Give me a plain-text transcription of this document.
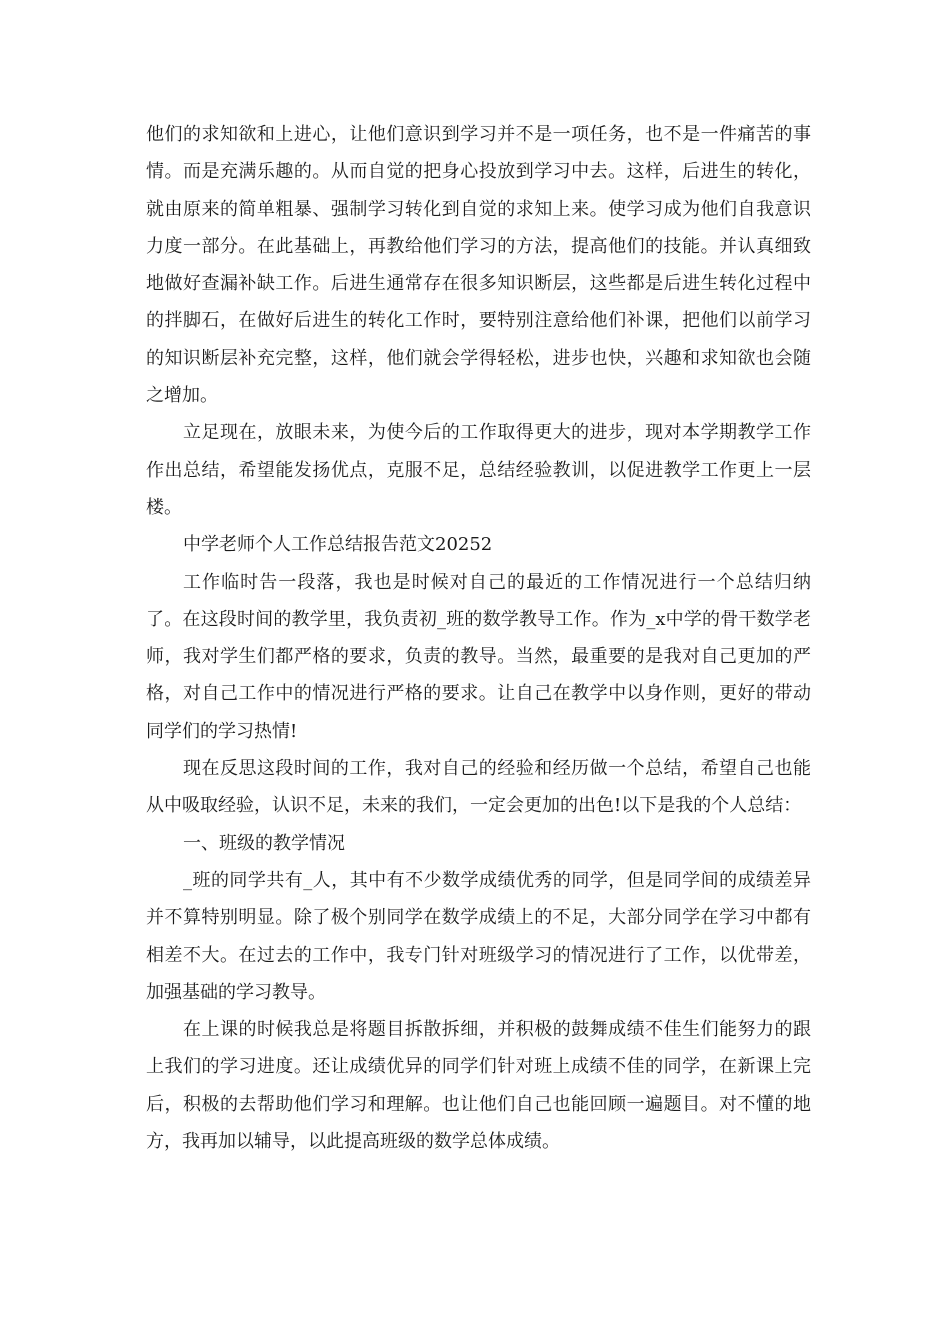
他们的求知欲和上进心，让他们意识到学习并不是一项任务，也不是一件痛苦的事情。而是充满乐趣的。从而自觉的把身心投放到学习中去。这样，后进生的转化，就由原来的简单粗暴、强制学习转化到自觉的求知上来。使学习成为他们自我意识力度一部分。在此基础上，再教给他们学习的方法，提高他们的技能。并认真细致地做好查漏补缺工作。后进生通常存在很多知识断层，这些都是后进生转化过程中的拌脚石，在做好后进生的转化工作时，要特别注意给他们补课，把他们以前学习的知识断层补充完整，这样，他们就会学得轻松，进步也快，兴趣和求知欲也会随之增加。

立足现在，放眼未来，为使今后的工作取得更大的进步，现对本学期教学工作作出总结，希望能发扬优点，克服不足，总结经验教训，以促进教学工作更上一层楼。

中学老师个人工作总结报告范文20252

工作临时告一段落，我也是时候对自己的最近的工作情况进行一个总结归纳了。在这段时间的教学里，我负责初_班的数学教导工作。作为_x中学的骨干数学老师，我对学生们都严格的要求，负责的教导。当然，最重要的是我对自己更加的严格，对自己工作中的情况进行严格的要求。让自己在教学中以身作则，更好的带动同学们的学习热情!

现在反思这段时间的工作，我对自己的经验和经历做一个总结，希望自己也能从中吸取经验，认识不足，未来的我们，一定会更加的出色!以下是我的个人总结：

一、班级的教学情况

_班的同学共有_人，其中有不少数学成绩优秀的同学，但是同学间的成绩差异并不算特别明显。除了极个别同学在数学成绩上的不足，大部分同学在学习中都有相差不大。在过去的工作中，我专门针对班级学习的情况进行了工作，以优带差，加强基础的学习教导。

在上课的时候我总是将题目拆散拆细，并积极的鼓舞成绩不佳生们能努力的跟上我们的学习进度。还让成绩优异的同学们针对班上成绩不佳的同学，在新课上完后，积极的去帮助他们学习和理解。也让他们自己也能回顾一遍题目。对不懂的地方，我再加以辅导，以此提高班级的数学总体成绩。
